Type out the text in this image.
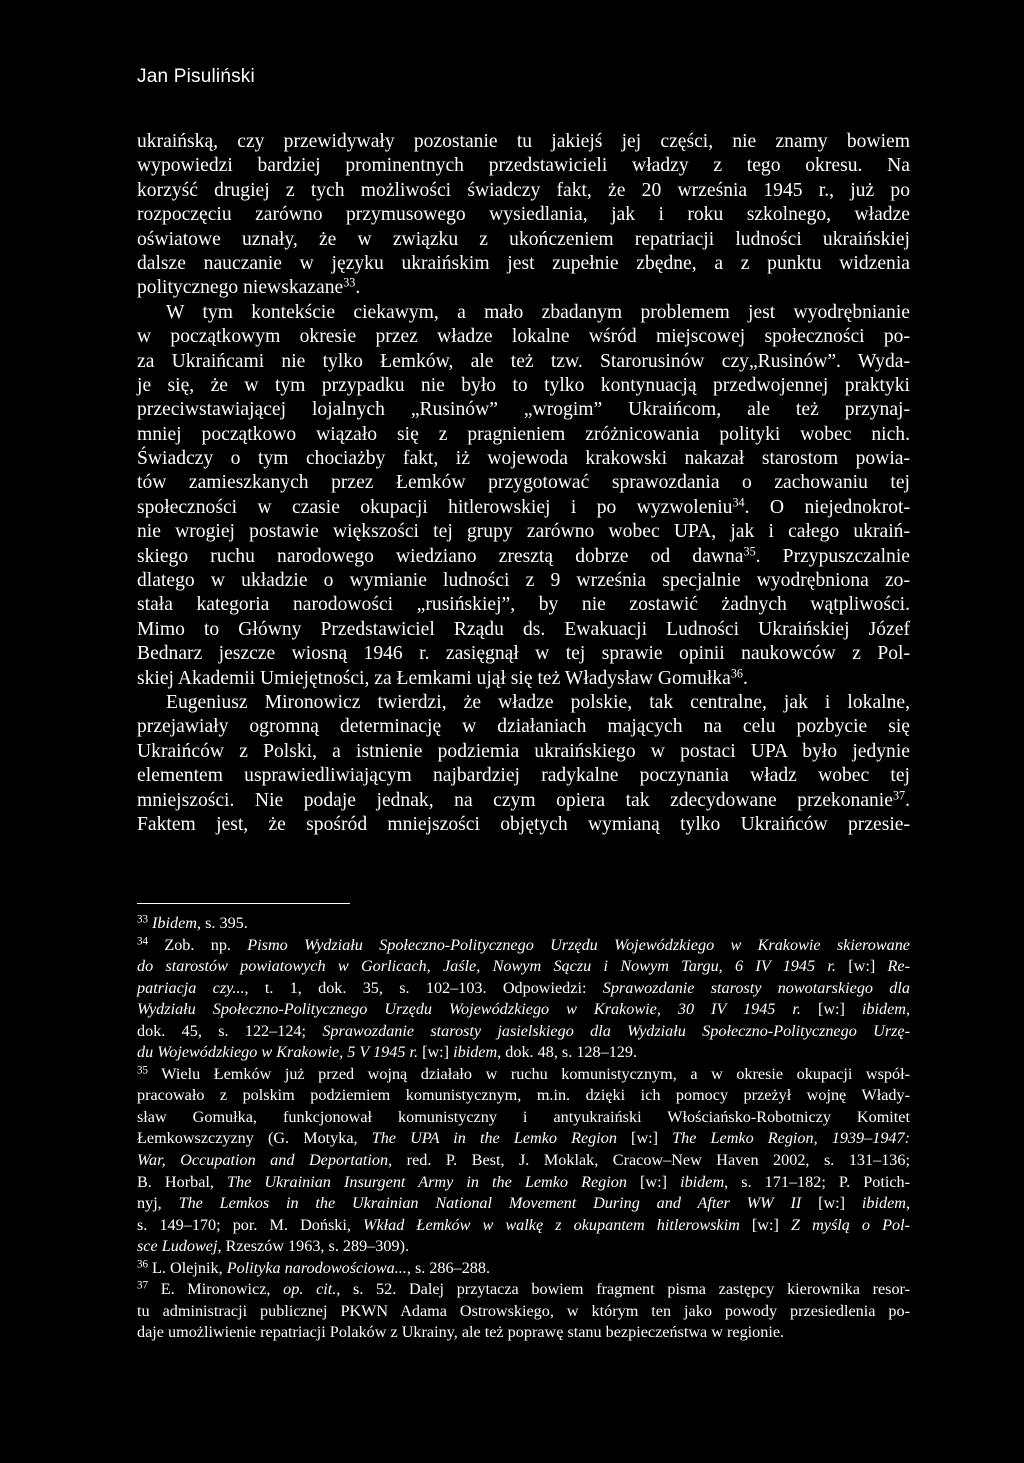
Jan Pisuliński
ukraińską, czy przewidywały pozostanie tu jakiejś jej części, nie znamy bowiem
wypowiedzi bardziej prominentnych przedstawicieli władzy z tego okresu. Na
korzyść drugiej z tych możliwości świadczy fakt, że 20 września 1945 r., już po
rozpoczęciu zarówno przymusowego wysiedlania, jak i roku szkolnego, władze
oświatowe uznały, że w związku z ukończeniem repatriacji ludności ukraińskiej
dalsze nauczanie w języku ukraińskim jest zupełnie zbędne, a z punktu widzenia
politycznego niewskazane$^{33}$.
W tym kontekście ciekawym, a mało zbadanym problemem jest wyodrębnianie
w początkowym okresie przez władze lokalne wśród miejscowej społeczności po-
za Ukraińcami nie tylko Łemków, ale też tzw. Starorusinów czy„Rusinów”. Wyda-
je się, że w tym przypadku nie było to tylko kontynuacją przedwojennej praktyki
przeciwstawiającej lojalnych „Rusinów” „wrogim” Ukraińcom, ale też przynaj-
mniej początkowo wiązało się z pragnieniem zróżnicowania polityki wobec nich.
Świadczy o tym chociażby fakt, iż wojewoda krakowski nakazał starostom powia-
tów zamieszkanych przez Łemków przygotować sprawozdania o zachowaniu tej
społeczności w czasie okupacji hitlerowskiej i po wyzwoleniu$^{34}$. O niejednokrot-
nie wrogiej postawie większości tej grupy zarówno wobec UPA, jak i całego ukraiń-
skiego ruchu narodowego wiedziano zresztą dobrze od dawna$^{35}$. Przypuszczalnie
dlatego w układzie o wymianie ludności z 9 września specjalnie wyodrębniona zo-
stała kategoria narodowości „rusińskiej”, by nie zostawić żadnych wątpliwości.
Mimo to Główny Przedstawiciel Rządu ds. Ewakuacji Ludności Ukraińskiej Józef
Bednarz jeszcze wiosną 1946 r. zasięgnął w tej sprawie opinii naukowców z Pol-
skiej Akademii Umiejętności, za Łemkami ujął się też Władysław Gomułka$^{36}$.
Eugeniusz Mironowicz twierdzi, że władze polskie, tak centralne, jak i lokalne,
przejawiały ogromną determinację w działaniach mających na celu pozbycie się
Ukraińców z Polski, a istnienie podziemia ukraińskiego w postaci UPA było jedynie
elementem usprawiedliwiającym najbardziej radykalne poczynania władz wobec tej
mniejszości. Nie podaje jednak, na czym opiera tak zdecydowane przekonanie$^{37}$.
Faktem jest, że spośród mniejszości objętych wymianą tylko Ukraińców przesie-
$^{33}$ Ibidem, s. 395.
$^{34}$ Zob. np. Pismo Wydziału Społeczno-Politycznego Urzędu Wojewódzkiego w Krakowie skierowane
do starostów powiatowych w Gorlicach, Jaśle, Nowym Sączu i Nowym Targu, 6 IV 1945 r. [w:] Re-
patriacja czy..., t. 1, dok. 35, s. 102–103. Odpowiedzi: Sprawozdanie starosty nowotarskiego dla
Wydziału Społeczno-Politycznego Urzędu Wojewódzkiego w Krakowie, 30 IV 1945 r. [w:] ibidem,
dok. 45, s. 122–124; Sprawozdanie starosty jasielskiego dla Wydziału Społeczno-Politycznego Urzę-
du Wojewódzkiego w Krakowie, 5 V 1945 r. [w:] ibidem, dok. 48, s. 128–129.
$^{35}$ Wielu Łemków już przed wojną działało w ruchu komunistycznym, a w okresie okupacji współ-
pracowało z polskim podziemiem komunistycznym, m.in. dzięki ich pomocy przeżył wojnę Włady-
sław Gomułka, funkcjonował komunistyczny i antyukraiński Włościańsko-Robotniczy Komitet
Łemkowszczyzny (G. Motyka, The UPA in the Lemko Region [w:] The Lemko Region, 1939–1947:
War, Occupation and Deportation, red. P. Best, J. Moklak, Cracow–New Haven 2002, s. 131–136;
B. Horbal, The Ukrainian Insurgent Army in the Lemko Region [w:] ibidem, s. 171–182; P. Potich-
nyj, The Lemkos in the Ukrainian National Movement During and After WW II [w:] ibidem,
s. 149–170; por. M. Doński, Wkład Łemków w walkę z okupantem hitlerowskim [w:] Z myślą o Pol-
sce Ludowej, Rzeszów 1963, s. 289–309).
$^{36}$ L. Olejnik, Polityka narodowościowa..., s. 286–288.
$^{37}$ E. Mironowicz, op. cit., s. 52. Dalej przytacza bowiem fragment pisma zastępcy kierownika resor-
tu administracji publicznej PKWN Adama Ostrowskiego, w którym ten jako powody przesiedlenia po-
daje umożliwienie repatriacji Polaków z Ukrainy, ale też poprawę stanu bezpieczeństwa w regionie.
